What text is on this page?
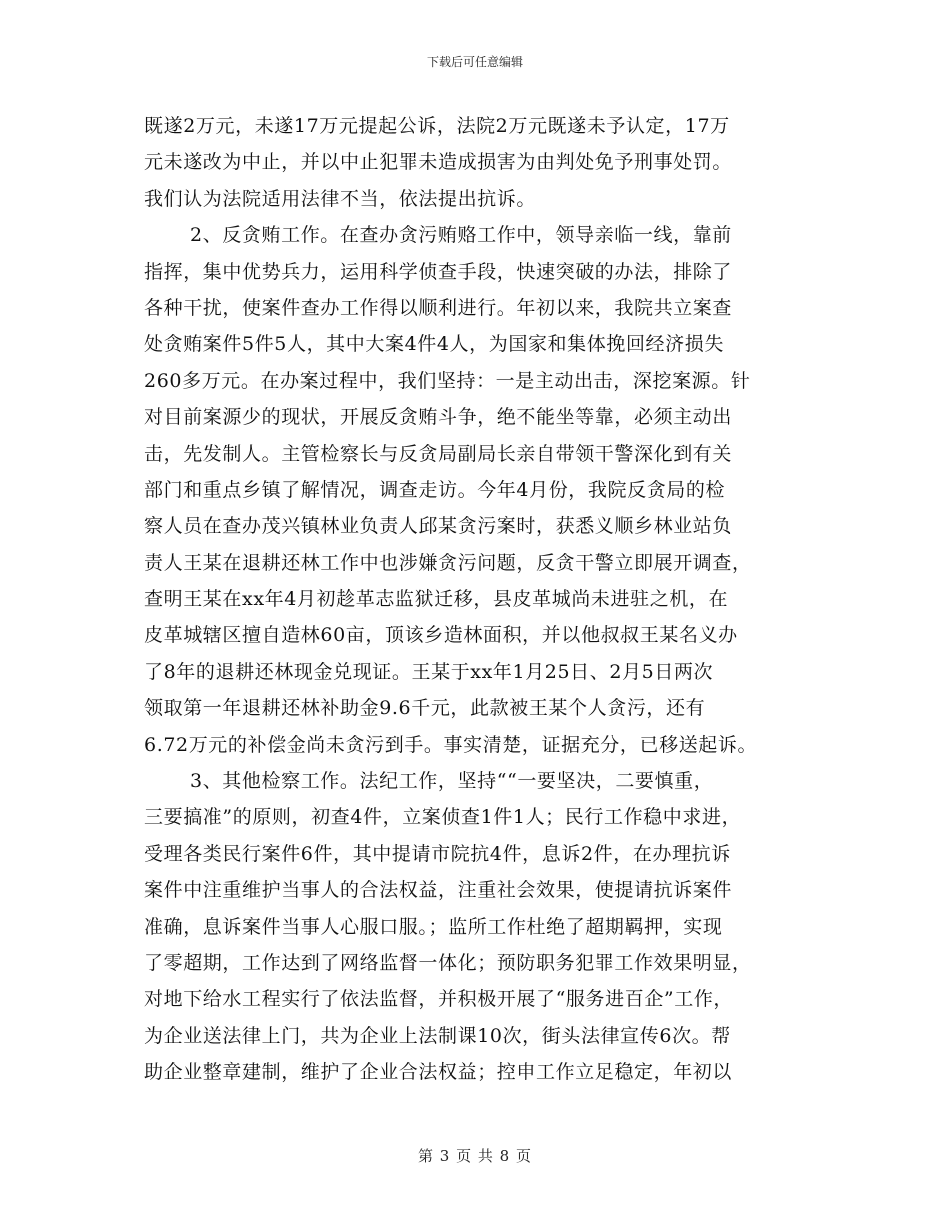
下载后可任意编辑
既遂2万元，未遂17万元提起公诉，法院2万元既遂未予认定，17万
元未遂改为中止，并以中止犯罪未造成损害为由判处免予刑事处罚。
我们认为法院适用法律不当，依法提出抗诉。
2、反贪贿工作。在查办贪污贿赂工作中，领导亲临一线，靠前
指挥，集中优势兵力，运用科学侦查手段，快速突破的办法，排除了
各种干扰，使案件查办工作得以顺利进行。年初以来，我院共立案查
处贪贿案件5件5人，其中大案4件4人，为国家和集体挽回经济损失
260多万元。在办案过程中，我们坚持：一是主动出击，深挖案源。针
对目前案源少的现状，开展反贪贿斗争，绝不能坐等靠，必须主动出
击，先发制人。主管检察长与反贪局副局长亲自带领干警深化到有关
部门和重点乡镇了解情况，调查走访。今年4月份，我院反贪局的检
察人员在查办茂兴镇林业负责人邱某贪污案时，获悉义顺乡林业站负
责人王某在退耕还林工作中也涉嫌贪污问题，反贪干警立即展开调查，
查明王某在xx年4月初趁革志监狱迁移，县皮革城尚未进驻之机，在
皮革城辖区擅自造林60亩，顶该乡造林面积，并以他叔叔王某名义办
了8年的退耕还林现金兑现证。王某于xx年1月25日、2月5日两次
领取第一年退耕还林补助金9.6千元，此款被王某个人贪污，还有
6.72万元的补偿金尚未贪污到手。事实清楚，证据充分，已移送起诉。
3、其他检察工作。法纪工作，坚持““一要坚决，二要慎重，
三要搞准”的原则，初查4件，立案侦查1件1人；民行工作稳中求进，
受理各类民行案件6件，其中提请市院抗4件，息诉2件，在办理抗诉
案件中注重维护当事人的合法权益，注重社会效果，使提请抗诉案件
准确，息诉案件当事人心服口服。；监所工作杜绝了超期羁押，实现
了零超期，工作达到了网络监督一体化；预防职务犯罪工作效果明显，
对地下给水工程实行了依法监督，并积极开展了“服务进百企”工作，
为企业送法律上门，共为企业上法制课10次，街头法律宣传6次。帮
助企业整章建制，维护了企业合法权益；控申工作立足稳定，年初以
第 3 页 共 8 页
